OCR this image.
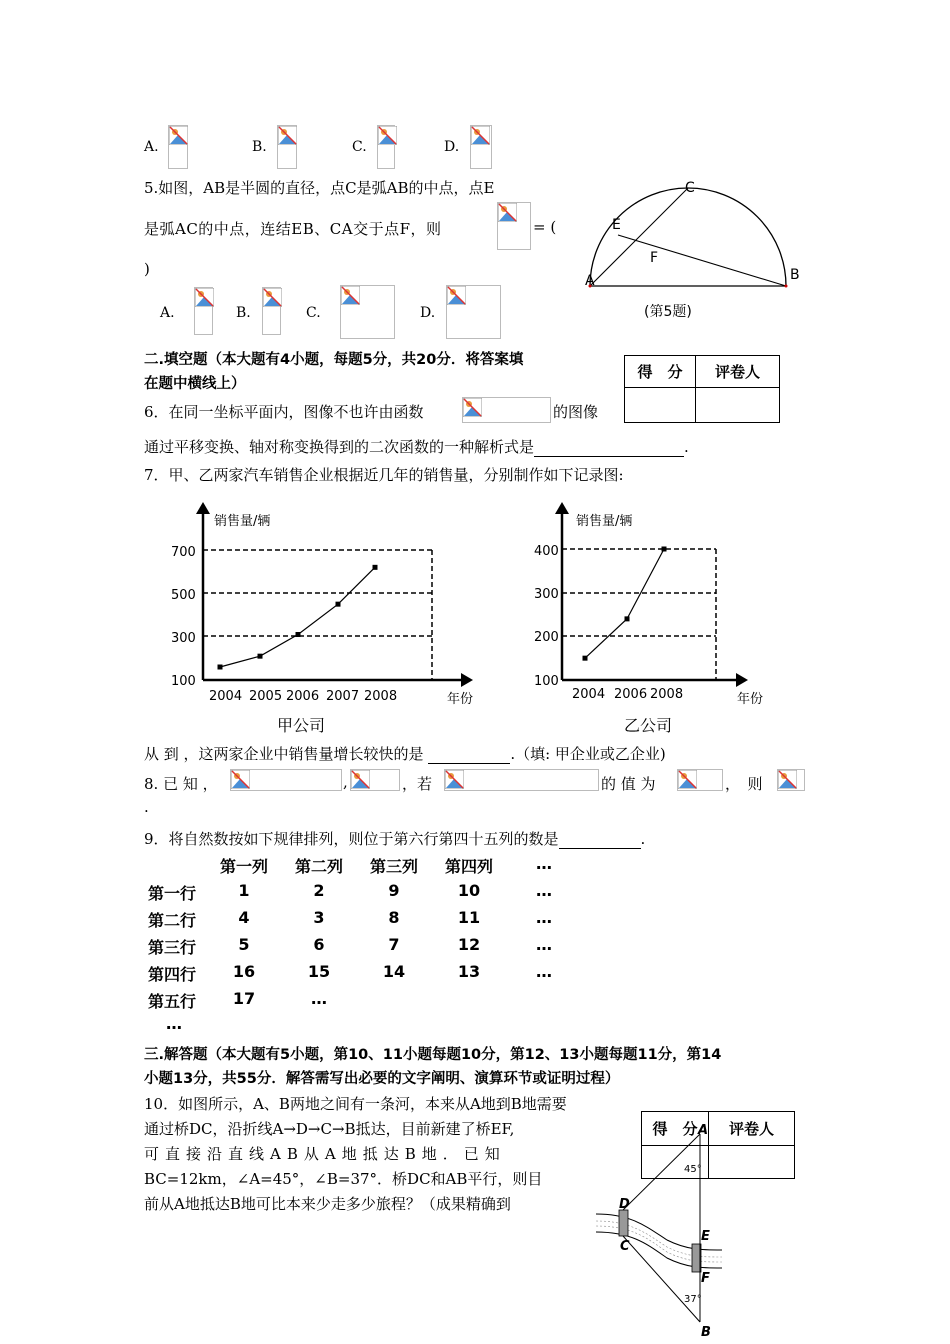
A.	B.	C.	D.
5.如图，AB是半圆的直径，点C是弧AB的中点，点E
是弧AC的中点，连结EB、CA交于点F，则	= (
)
A.	B.	C.	D.
C
E
F
A	B
(第5题)
二.填空题（本大题有4小题，每题5分，共20分．将答案填
在题中横线上）
得　分	评卷人

6．在同一坐标平面内，图像不也许由函数	的图像
通过平移变换、轴对称变换得到的二次函数的一种解析式是	.
7．甲、乙两家汽车销售企业根据近几年的销售量，分别制作如下记录图:
销售量/辆
700
500
300
100
2004 2005 2006 2007 2008	年份
甲公司
销售量/辆
400
300
200
100
2004 2006 2008	年份
乙公司
从 到 ，这两家企业中销售量增长较快的是	.（填: 甲企业或乙企业)
8. 已 知 ，	,	，若	的 值 为	，　则
.
9．将自然数按如下规律排列，则位于第六行第四十五列的数是	.
第一列	第二列	第三列	第四列	…
第一行	1	2	9	10	…
第二行	4	3	8	11	…
第三行	5	6	7	12	…
第四行	16	15	14	13	…
第五行	17	…
…
三.解答题（本大题有5小题，第10、11小题每题10分，第12、13小题每题11分，第14
小题13分，共55分．解答需写出必要的文字阐明、演算环节或证明过程）
得　分	评卷人

10．如图所示，A、B两地之间有一条河，本来从A地到B地需要
通过桥DC，沿折线A→D→C→B抵达，目前新建了桥EF,
可直接沿直线AB从A地抵达B地．已知
BC=12km，∠A=45°，∠B=37°．桥DC和AB平行，则目
前从A地抵达B地可比本来少走多少旅程？（成果精确到
A
45°
D
C
E
F
37°
B
